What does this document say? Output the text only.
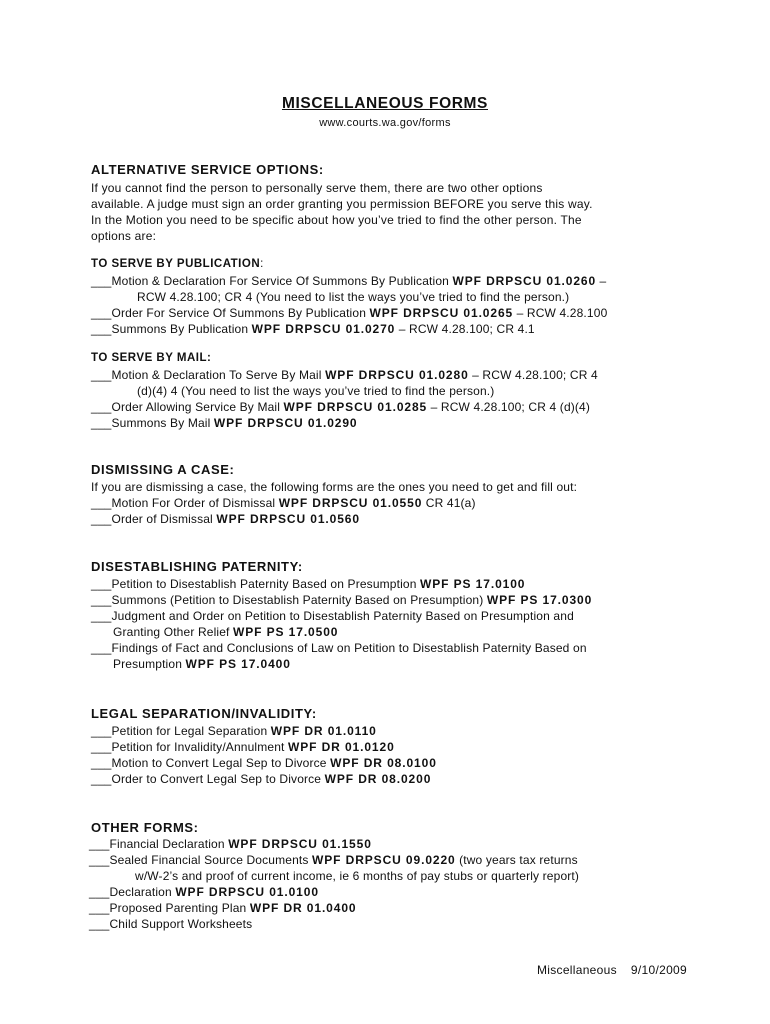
MISCELLANEOUS FORMS
www.courts.wa.gov/forms
ALTERNATIVE SERVICE OPTIONS:
If you cannot find the person to personally serve them, there are two other options
available. A judge must sign an order granting you permission BEFORE you serve this way.
In the Motion you need to be specific about how you’ve tried to find the other person. The
options are:
TO SERVE BY PUBLICATION:
___Motion & Declaration For Service Of Summons By Publication WPF DRPSCU 01.0260 –
RCW 4.28.100; CR 4 (You need to list the ways you’ve tried to find the person.)
___Order For Service Of Summons By Publication WPF DRPSCU 01.0265 – RCW 4.28.100
___Summons By Publication WPF DRPSCU 01.0270 – RCW 4.28.100; CR 4.1
TO SERVE BY MAIL:
___Motion & Declaration To Serve By Mail WPF DRPSCU 01.0280 – RCW 4.28.100; CR 4
(d)(4) 4 (You need to list the ways you’ve tried to find the person.)
___Order Allowing Service By Mail WPF DRPSCU 01.0285 – RCW 4.28.100; CR 4 (d)(4)
___Summons By Mail WPF DRPSCU 01.0290
DISMISSING A CASE:
If you are dismissing a case, the following forms are the ones you need to get and fill out:
___Motion For Order of Dismissal WPF DRPSCU 01.0550 CR 41(a)
___Order of Dismissal WPF DRPSCU 01.0560
DISESTABLISHING PATERNITY:
___Petition to Disestablish Paternity Based on Presumption WPF PS 17.0100
___Summons (Petition to Disestablish Paternity Based on Presumption) WPF PS 17.0300
___Judgment and Order on Petition to Disestablish Paternity Based on Presumption and
Granting Other Relief WPF PS 17.0500
___Findings of Fact and Conclusions of Law on Petition to Disestablish Paternity Based on
Presumption WPF PS 17.0400
LEGAL SEPARATION/INVALIDITY:
___Petition for Legal Separation WPF DR 01.0110
___Petition for Invalidity/Annulment WPF DR 01.0120
___Motion to Convert Legal Sep to Divorce WPF DR 08.0100
___Order to Convert Legal Sep to Divorce WPF DR 08.0200
OTHER FORMS:
___Financial Declaration WPF DRPSCU 01.1550
___Sealed Financial Source Documents WPF DRPSCU 09.0220 (two years tax returns
w/W-2’s and proof of current income, ie 6 months of pay stubs or quarterly report)
___Declaration WPF DRPSCU 01.0100
___Proposed Parenting Plan WPF DR 01.0400
___Child Support Worksheets
Miscellaneous 9/10/2009
